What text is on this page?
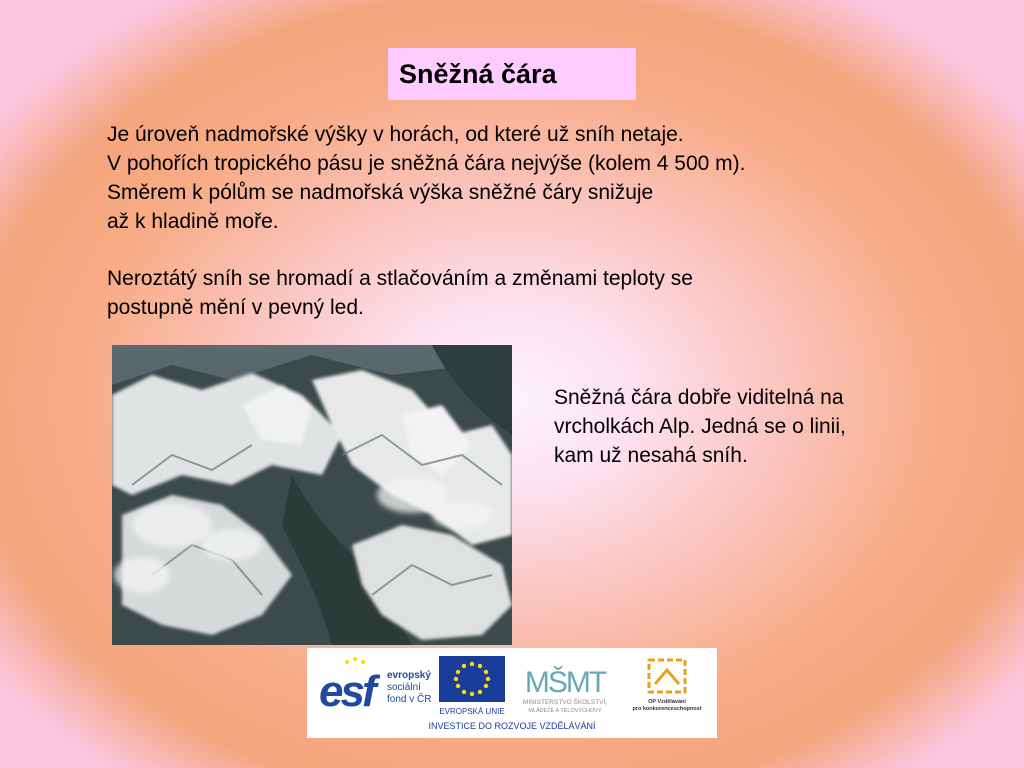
Sněžná čára

Je úroveň nadmořské výšky v horách, od které už sníh netaje.
V pohořích tropického pásu je sněžná čára nejvýše (kolem 4 500 m).
Směrem k pólům se nadmořská výška sněžné čáry snižuje
až k hladině moře.

Neroztátý sníh se hromadí a stlačováním a změnami teploty se
postupně mění v pevný led.

Sněžná čára dobře viditelná na
vrcholkách Alp. Jedná se o linii,
kam už nesahá sníh.

esf	evropský
sociální
fond v ČR
EVROPSKÁ UNIE
MŠMT
MINISTERSTVO ŠKOLSTVÍ,
MLÁDEŽE A TĚLOVÝCHOVY
OP Vzdělávání
pro konkurenceschopnost
INVESTICE DO ROZVOJE VZDĚLÁVÁNÍ
